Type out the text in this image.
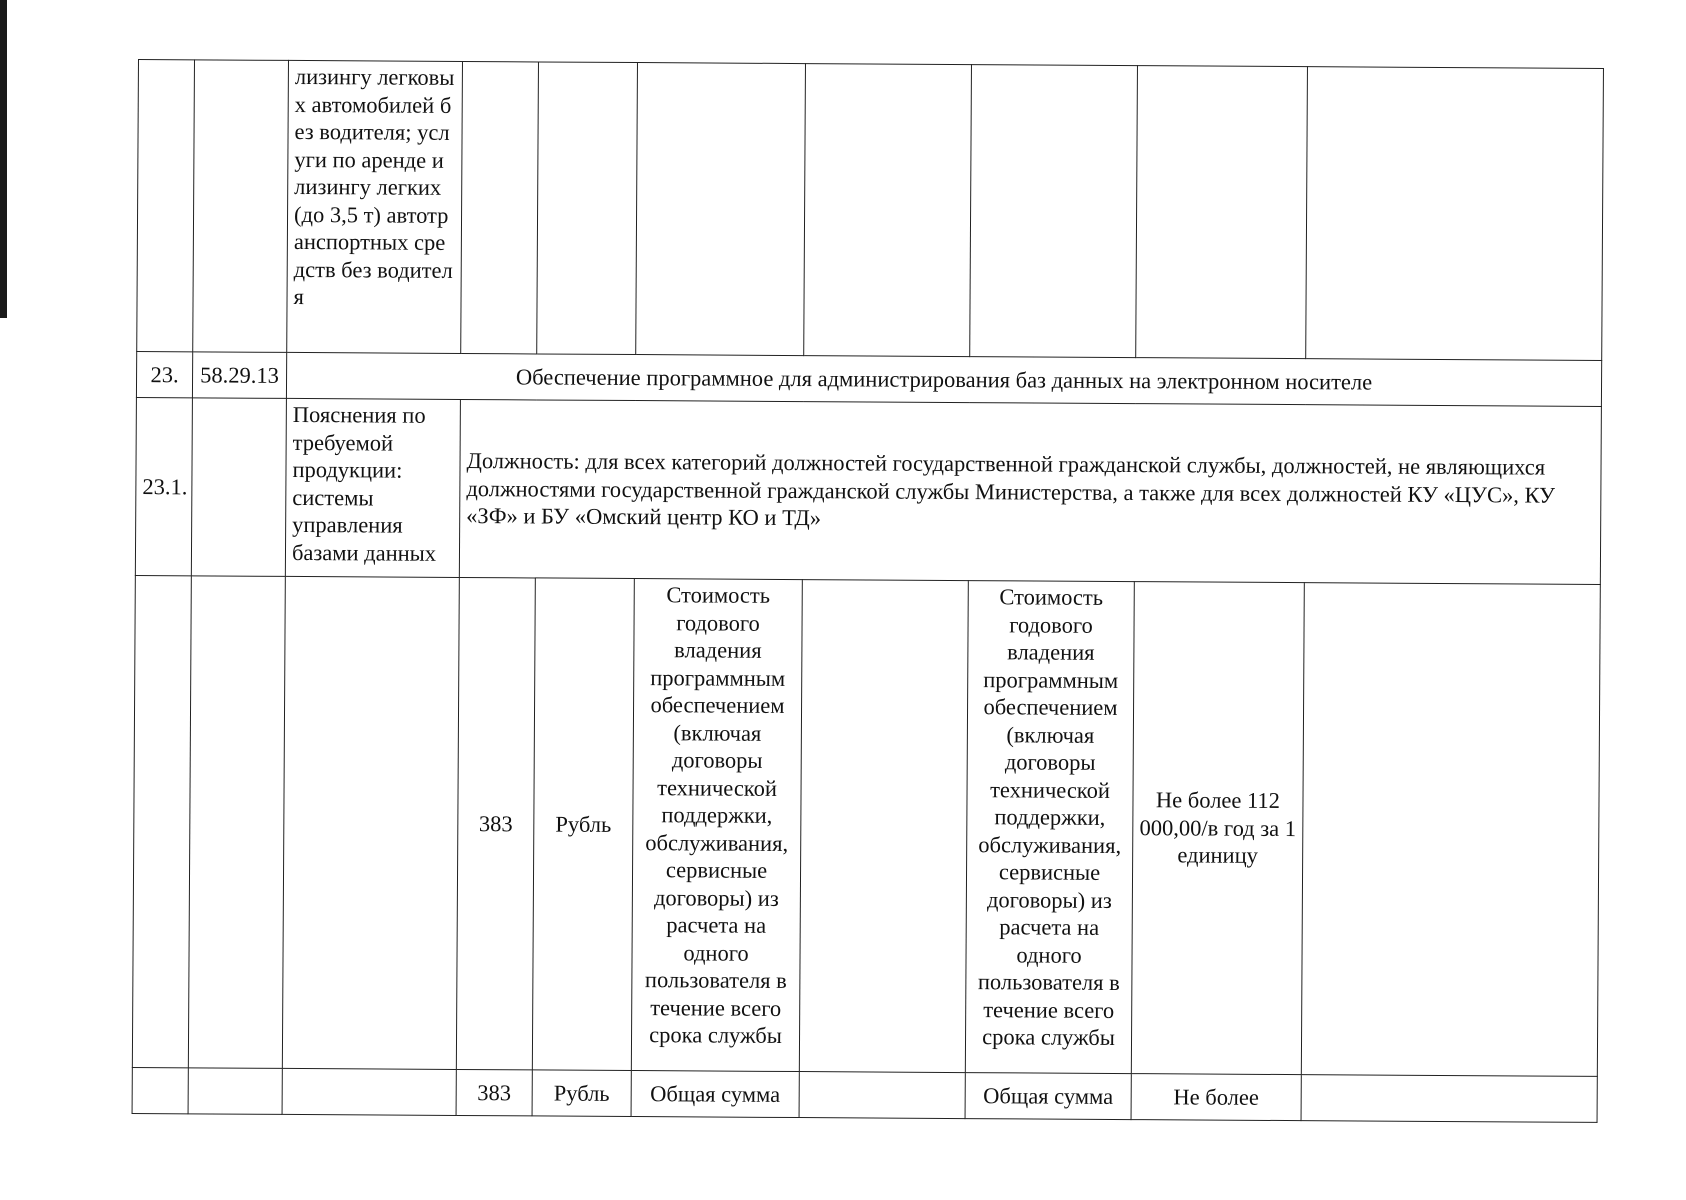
		лизингу легковых автомобилей без водителя; услуги по аренде и лизингу легких (до 3,5 т) автотранспортных средств без водителя							
23.	58.29.13	Обеспечение программное для администрирования баз данных на электронном носителе							
23.1.		Пояснения по требуемой продукции: системы управления базами данных	Должность: для всех категорий должностей государственной гражданской службы, должностей, не являющихся должностями государственной гражданской службы Министерства, а также для всех должностей КУ «ЦУС», КУ «ЗФ» и БУ «Омский центр КО и ТД»						
			383	Рубль	Стоимость годового владения программным обеспечением (включая договоры технической поддержки, обслуживания, сервисные договоры) из расчета на одного пользователя в течение всего срока службы		Стоимость годового владения программным обеспечением (включая договоры технической поддержки, обслуживания, сервисные договоры) из расчета на одного пользователя в течение всего срока службы	Не более 112 000,00/в год за 1 единицу	
			383	Рубль	Общая сумма		Общая сумма	Не более	
